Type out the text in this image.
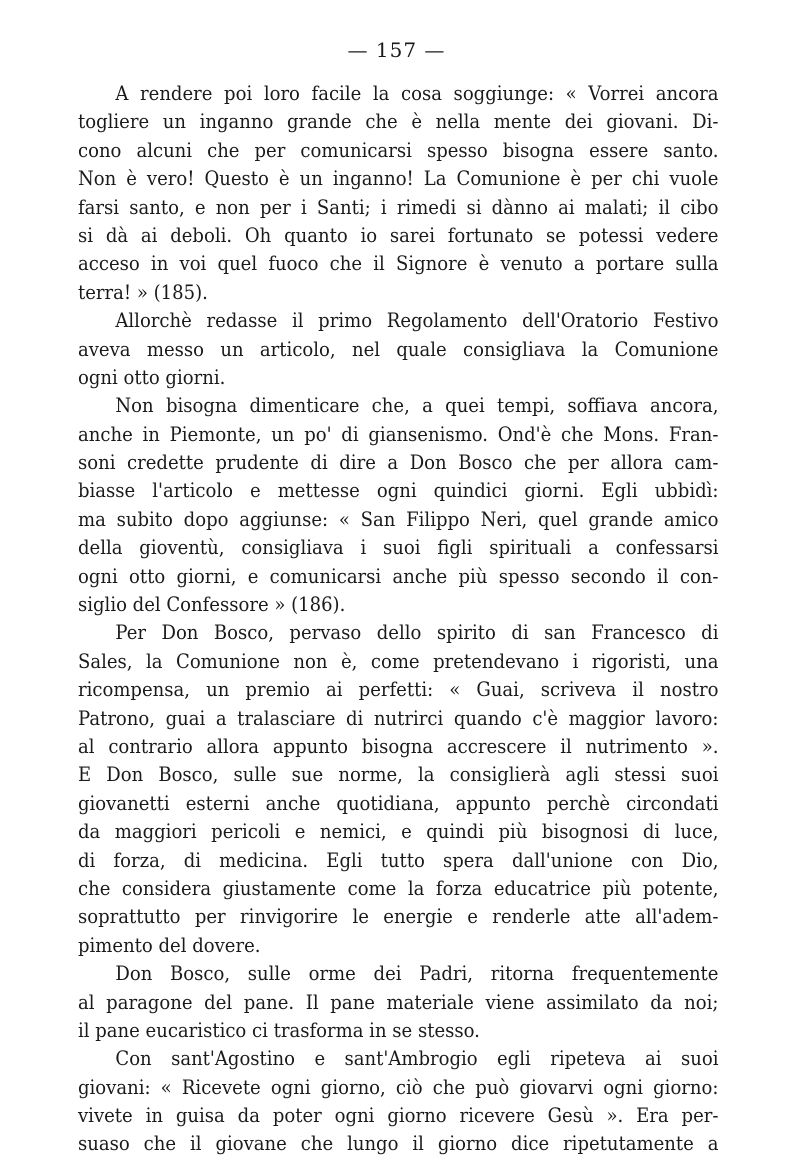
— 157 —
A rendere poi loro facile la cosa soggiunge: « Vorrei ancora
togliere un inganno grande che è nella mente dei giovani. Di-
cono alcuni che per comunicarsi spesso bisogna essere santo.
Non è vero! Questo è un inganno! La Comunione è per chi vuole
farsi santo, e non per i Santi; i rimedi si dànno ai malati; il cibo
si dà ai deboli. Oh quanto io sarei fortunato se potessi vedere
acceso in voi quel fuoco che il Signore è venuto a portare sulla
terra! » (185).
Allorchè redasse il primo Regolamento dell'Oratorio Festivo
aveva messo un articolo, nel quale consigliava la Comunione
ogni otto giorni.
Non bisogna dimenticare che, a quei tempi, soffiava ancora,
anche in Piemonte, un po' di giansenismo. Ond'è che Mons. Fran-
soni credette prudente di dire a Don Bosco che per allora cam-
biasse l'articolo e mettesse ogni quindici giorni. Egli ubbidì:
ma subito dopo aggiunse: « San Filippo Neri, quel grande amico
della gioventù, consigliava i suoi figli spirituali a confessarsi
ogni otto giorni, e comunicarsi anche più spesso secondo il con-
siglio del Confessore » (186).
Per Don Bosco, pervaso dello spirito di san Francesco di
Sales, la Comunione non è, come pretendevano i rigoristi, una
ricompensa, un premio ai perfetti: « Guai, scriveva il nostro
Patrono, guai a tralasciare di nutrirci quando c'è maggior lavoro:
al contrario allora appunto bisogna accrescere il nutrimento ».
E Don Bosco, sulle sue norme, la consiglierà agli stessi suoi
giovanetti esterni anche quotidiana, appunto perchè circondati
da maggiori pericoli e nemici, e quindi più bisognosi di luce,
di forza, di medicina. Egli tutto spera dall'unione con Dio,
che considera giustamente come la forza educatrice più potente,
soprattutto per rinvigorire le energie e renderle atte all'adem-
pimento del dovere.
Don Bosco, sulle orme dei Padri, ritorna frequentemente
al paragone del pane. Il pane materiale viene assimilato da noi;
il pane eucaristico ci trasforma in se stesso.
Con sant'Agostino e sant'Ambrogio egli ripeteva ai suoi
giovani: « Ricevete ogni giorno, ciò che può giovarvi ogni giorno:
vivete in guisa da poter ogni giorno ricevere Gesù ». Era per-
suaso che il giovane che lungo il giorno dice ripetutamente a
